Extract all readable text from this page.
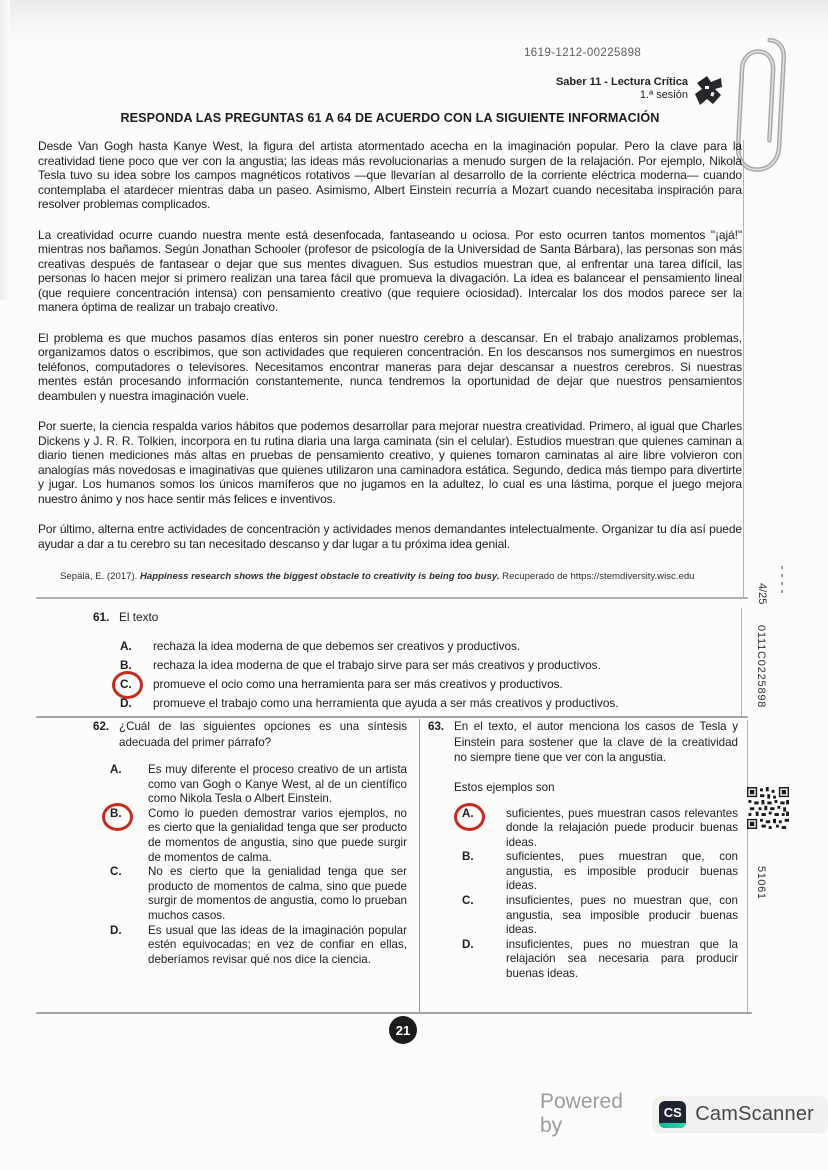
1619-1212-00225898
Saber 11 - Lectura Crítica
1.ª sesión
RESPONDA LAS PREGUNTAS 61 A 64 DE ACUERDO CON LA SIGUIENTE INFORMACIÓN

Desde Van Gogh hasta Kanye West, la figura del artista atormentado acecha en la imaginación popular. Pero la clave para la creatividad tiene poco que ver con la angustia; las ideas más revolucionarias a menudo surgen de la relajación. Por ejemplo, Nikola Tesla tuvo su idea sobre los campos magnéticos rotativos —que llevarían al desarrollo de la corriente eléctrica moderna— cuando contemplaba el atardecer mientras daba un paseo. Asimismo, Albert Einstein recurría a Mozart cuando necesitaba inspiración para resolver problemas complicados.

La creatividad ocurre cuando nuestra mente está desenfocada, fantaseando u ociosa. Por esto ocurren tantos momentos "¡ajá!" mientras nos bañamos. Según Jonathan Schooler (profesor de psicología de la Universidad de Santa Bárbara), las personas son más creativas después de fantasear o dejar que sus mentes divaguen. Sus estudios muestran que, al enfrentar una tarea difícil, las personas lo hacen mejor si primero realizan una tarea fácil que promueva la divagación. La idea es balancear el pensamiento lineal (que requiere concentración intensa) con pensamiento creativo (que requiere ociosidad). Intercalar los dos modos parece ser la manera óptima de realizar un trabajo creativo.

El problema es que muchos pasamos días enteros sin poner nuestro cerebro a descansar. En el trabajo analizamos problemas, organizamos datos o escribimos, que son actividades que requieren concentración. En los descansos nos sumergimos en nuestros teléfonos, computadores o televisores. Necesitamos encontrar maneras para dejar descansar a nuestros cerebros. Si nuestras mentes están procesando información constantemente, nunca tendremos la oportunidad de dejar que nuestros pensamientos deambulen y nuestra imaginación vuele.

Por suerte, la ciencia respalda varios hábitos que podemos desarrollar para mejorar nuestra creatividad. Primero, al igual que Charles Dickens y J. R. R. Tolkien, incorpora en tu rutina diaria una larga caminata (sin el celular). Estudios muestran que quienes caminan a diario tienen mediciones más altas en pruebas de pensamiento creativo, y quienes tomaron caminatas al aire libre volvieron con analogías más novedosas e imaginativas que quienes utilizaron una caminadora estática. Segundo, dedica más tiempo para divertirte y jugar. Los humanos somos los únicos mamíferos que no jugamos en la adultez, lo cual es una lástima, porque el juego mejora nuestro ánimo y nos hace sentir más felices e inventivos.

Por último, alterna entre actividades de concentración y actividades menos demandantes intelectualmente. Organizar tu día así puede ayudar a dar a tu cerebro su tan necesitado descanso y dar lugar a tu próxima idea genial.

Sepälä, E. (2017). Happiness research shows the biggest obstacle to creativity is being too busy. Recuperado de https://stemdiversity.wisc.edu
61. El texto
A.	rechaza la idea moderna de que debemos ser creativos y productivos.
B.	rechaza la idea moderna de que el trabajo sirve para ser más creativos y productivos.
C.	promueve el ocio como una herramienta para ser más creativos y productivos.
D.	promueve el trabajo como una herramienta que ayuda a ser más creativos y productivos.
62. ¿Cuál de las siguientes opciones es una síntesis adecuada del primer párrafo?
A.	Es muy diferente el proceso creativo de un artista como van Gogh o Kanye West, al de un científico como Nikola Tesla o Albert Einstein.
B.	Como lo pueden demostrar varios ejemplos, no es cierto que la genialidad tenga que ser producto de momentos de angustia, sino que puede surgir de momentos de calma.
C.	No es cierto que la genialidad tenga que ser producto de momentos de calma, sino que puede surgir de momentos de angustia, como lo prueban muchos casos.
D.	Es usual que las ideas de la imaginación popular estén equivocadas; en vez de confiar en ellas, deberíamos revisar qué nos dice la ciencia.
63. En el texto, el autor menciona los casos de Tesla y Einstein para sostener que la clave de la creatividad no siempre tiene que ver con la angustia.
Estos ejemplos son
A.	suficientes, pues muestran casos relevantes donde la relajación puede producir buenas ideas.
B.	suficientes, pues muestran que, con angustia, es imposible producir buenas ideas.
C.	insuficientes, pues no muestran que, con angustia, sea imposible producir buenas ideas.
D.	insuficientes, pues no muestran que la relajación sea necesaria para producir buenas ideas.
21
Powered by
CS CamScanner
4/25
0111C0225898
51061
